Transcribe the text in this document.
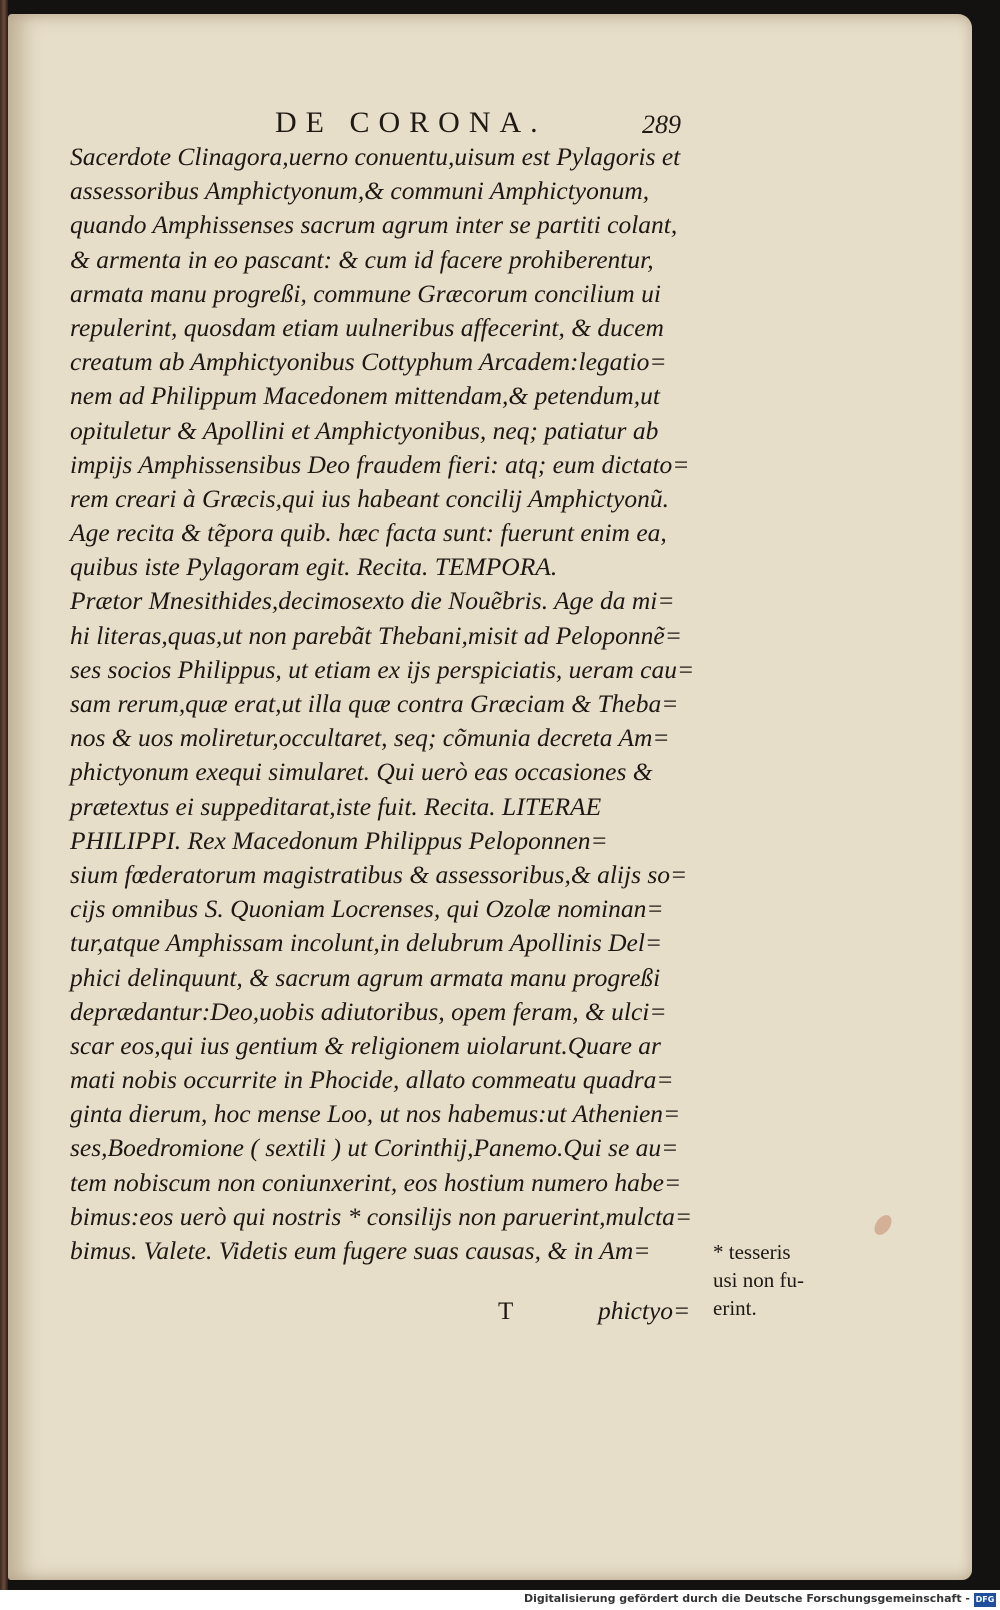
DE CORONA.	289
Sacerdote Clinagora,uerno conuentu,uisum est Pylagoris et
assessoribus Amphictyonum,& communi Amphictyonum,
quando Amphissenses sacrum agrum inter se partiti colant,
& armenta in eo pascant: & cum id facere prohiberentur,
armata manu progreßi, commune Græcorum concilium ui
repulerint, quosdam etiam uulneribus affecerint, & ducem
creatum ab Amphictyonibus Cottyphum Arcadem:legatio=
nem ad Philippum Macedonem mittendam,& petendum,ut
opituletur & Apollini et Amphictyonibus, neq; patiatur ab
impijs Amphissensibus Deo fraudem fieri: atq; eum dictato=
rem creari à Græcis,qui ius habeant concilij Amphictyonũ.
Age recita & tẽpora quib. hæc facta sunt: fuerunt enim ea,
quibus iste Pylagoram egit. Recita. TEMPORA.
Prætor Mnesithides,decimosexto die Nouẽbris. Age da mi=
hi literas,quas,ut non parebãt Thebani,misit ad Peloponnẽ=
ses socios Philippus, ut etiam ex ijs perspiciatis, ueram cau=
sam rerum,quæ erat,ut illa quæ contra Græciam & Theba=
nos & uos moliretur,occultaret, seq; cõmunia decreta Am=
phictyonum exequi simularet. Qui uerò eas occasiones &
prætextus ei suppeditarat,iste fuit. Recita. LITERAE
PHILIPPI. Rex Macedonum Philippus Peloponnen=
sium fœderatorum magistratibus & assessoribus,& alijs so=
cijs omnibus S. Quoniam Locrenses, qui Ozolæ nominan=
tur,atque Amphissam incolunt,in delubrum Apollinis Del=
phici delinquunt, & sacrum agrum armata manu progreßi
deprædantur:Deo,uobis adiutoribus, opem feram, & ulci=
scar eos,qui ius gentium & religionem uiolarunt.Quare ar
mati nobis occurrite in Phocide, allato commeatu quadra=
ginta dierum, hoc mense Loo, ut nos habemus:ut Athenien=
ses,Boedromione ( sextili ) ut Corinthij,Panemo.Qui se au=
tem nobiscum non coniunxerint, eos hostium numero habe=
bimus:eos uerò qui nostris * consilijs non paruerint,mulcta=
bimus. Valete. Videtis eum fugere suas causas, & in Am=	* tesseris
usi non fu-
erint.
T	phictyo=
Digitalisierung gefördert durch die Deutsche Forschungsgemeinschaft - DFG
